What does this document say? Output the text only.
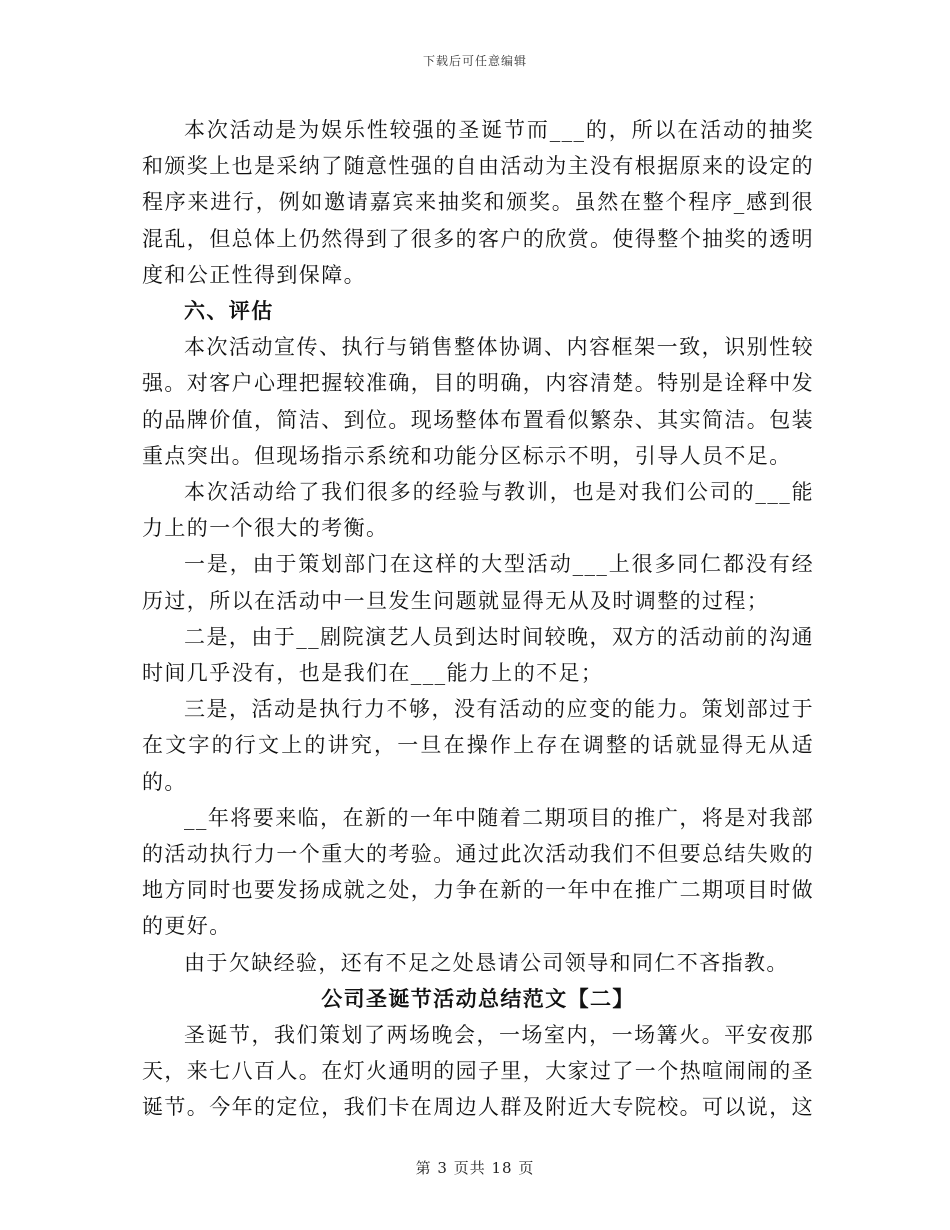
下载后可任意编辑

本次活动是为娱乐性较强的圣诞节而___的，所以在活动的抽奖和颁奖上也是采纳了随意性强的自由活动为主没有根据原来的设定的程序来进行，例如邀请嘉宾来抽奖和颁奖。虽然在整个程序_感到很混乱，但总体上仍然得到了很多的客户的欣赏。使得整个抽奖的透明度和公正性得到保障。

六、评估

本次活动宣传、执行与销售整体协调、内容框架一致，识别性较强。对客户心理把握较准确，目的明确，内容清楚。特别是诠释中发的品牌价值，简洁、到位。现场整体布置看似繁杂、其实简洁。包装重点突出。但现场指示系统和功能分区标示不明，引导人员不足。

本次活动给了我们很多的经验与教训，也是对我们公司的___能力上的一个很大的考衡。

一是，由于策划部门在这样的大型活动___上很多同仁都没有经历过，所以在活动中一旦发生问题就显得无从及时调整的过程；

二是，由于__剧院演艺人员到达时间较晚，双方的活动前的沟通时间几乎没有，也是我们在___能力上的不足；

三是，活动是执行力不够，没有活动的应变的能力。策划部过于在文字的行文上的讲究，一旦在操作上存在调整的话就显得无从适的。

__年将要来临，在新的一年中随着二期项目的推广，将是对我部的活动执行力一个重大的考验。通过此次活动我们不但要总结失败的地方同时也要发扬成就之处，力争在新的一年中在推广二期项目时做的更好。

由于欠缺经验，还有不足之处恳请公司领导和同仁不吝指教。

公司圣诞节活动总结范文【二】

圣诞节，我们策划了两场晚会，一场室内，一场篝火。平安夜那天，来七八百人。在灯火通明的园子里，大家过了一个热喧闹闹的圣诞节。今年的定位，我们卡在周边人群及附近大专院校。可以说，这

第 3 页共 18 页
